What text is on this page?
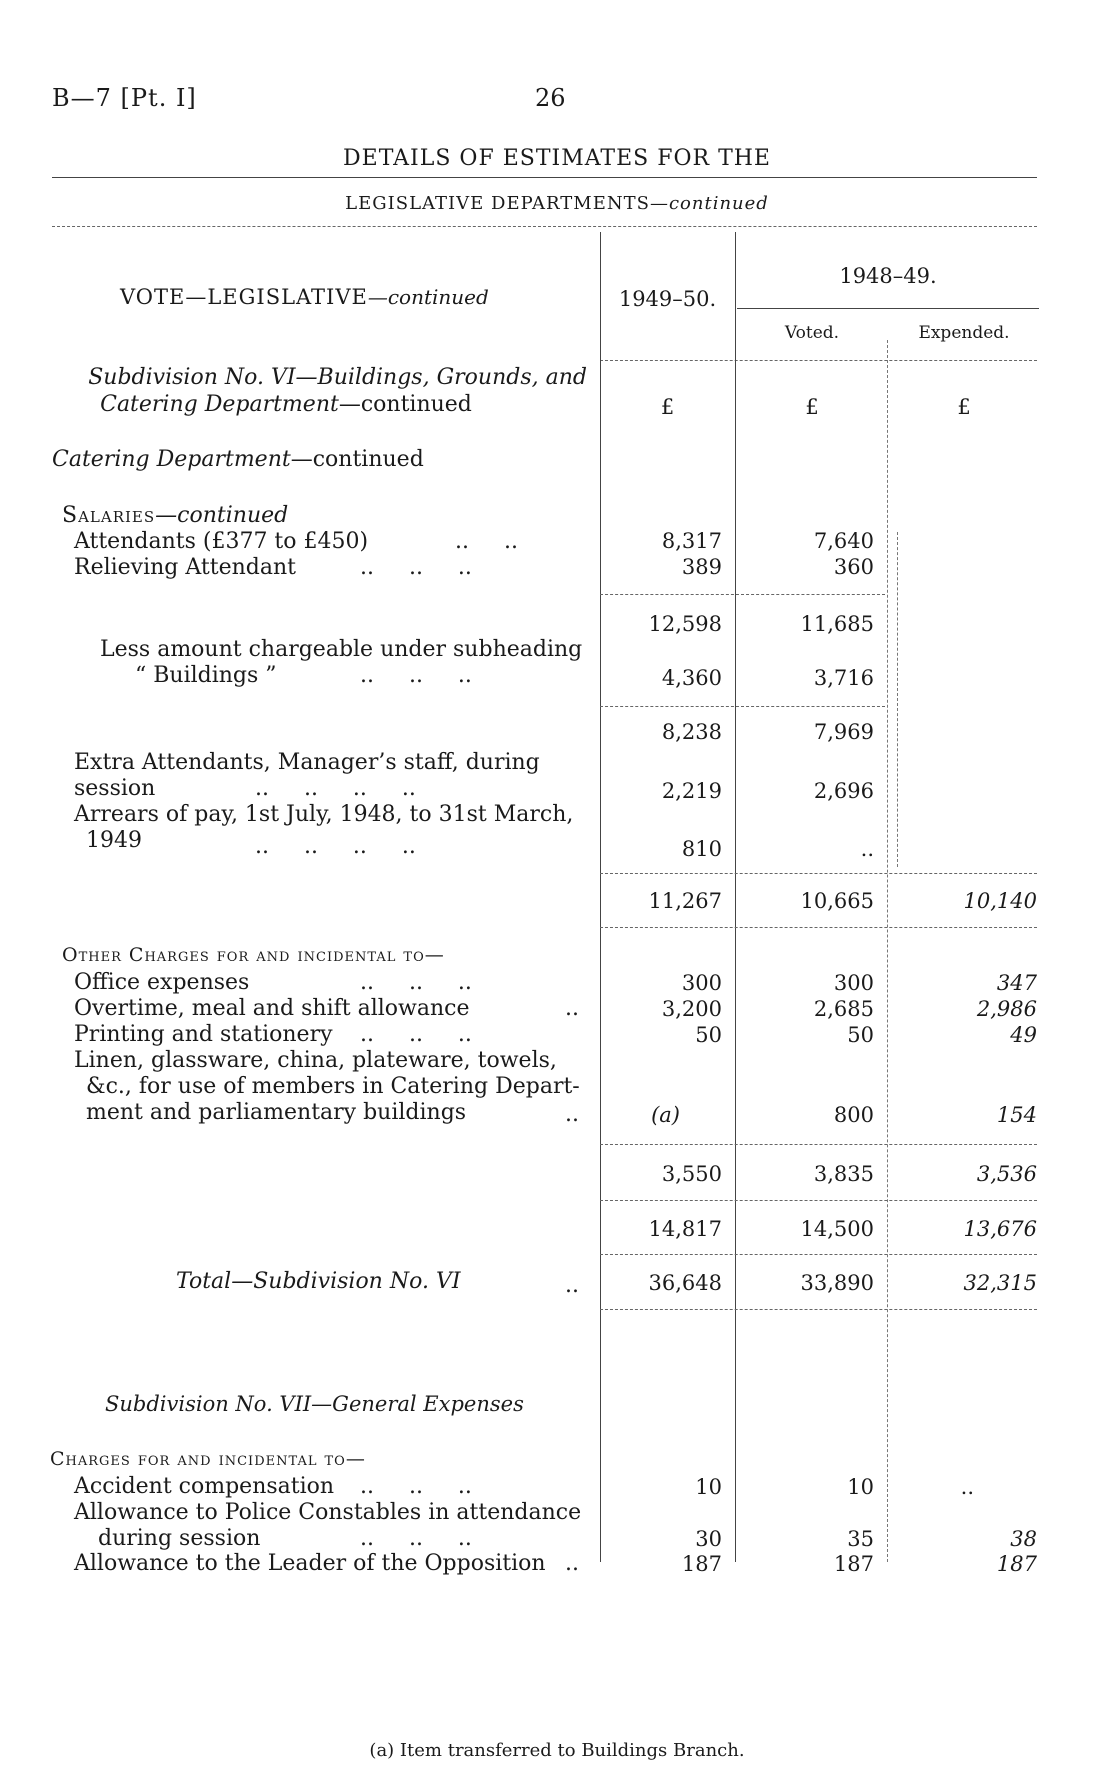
B—7 [Pt. I]	26
DETAILS OF ESTIMATES FOR THE
LEGISLATIVE DEPARTMENTS—continued
VOTE—LEGISLATIVE—continued	1949–50.
1948–49.
Voted.	Expended.
Subdivision No. VI—Buildings, Grounds, and
Catering Department—continued	£	£	£
Catering Department—continued
Salaries—continued
Attendants (£377 to £450)	..     ..	8,317	7,640
Relieving Attendant	..     ..     ..	389	360
12,598	11,685
Less amount chargeable under subheading
“ Buildings ”	..     ..     ..	4,360	3,716
8,238	7,969
Extra Attendants, Manager’s staff, during
session	..     ..     ..     ..	2,219	2,696
Arrears of pay, 1st July, 1948, to 31st March,
1949	..     ..     ..     ..	810	..
11,267	10,665	10,140
Other Charges for and incidental to—
Office expenses	..     ..     ..	300	300	347
Overtime, meal and shift allowance	..	3,200	2,685	2,986
Printing and stationery ..     ..     ..	50	50	49
Linen, glassware, china, plateware, towels,
&c., for use of members in Catering Depart-
ment and parliamentary buildings	..	(a)	800	154
3,550	3,835	3,536
14,817	14,500	13,676
Total—Subdivision No. VI	..	36,648	33,890	32,315
Subdivision No. VII—General Expenses
Charges for and incidental to—
Accident compensation ..     ..     ..	10	10	..
Allowance to Police Constables in attendance
during session	..     ..     ..	30	35	38
Allowance to the Leader of the Opposition ..	187	187	187
(a) Item transferred to Buildings Branch.
